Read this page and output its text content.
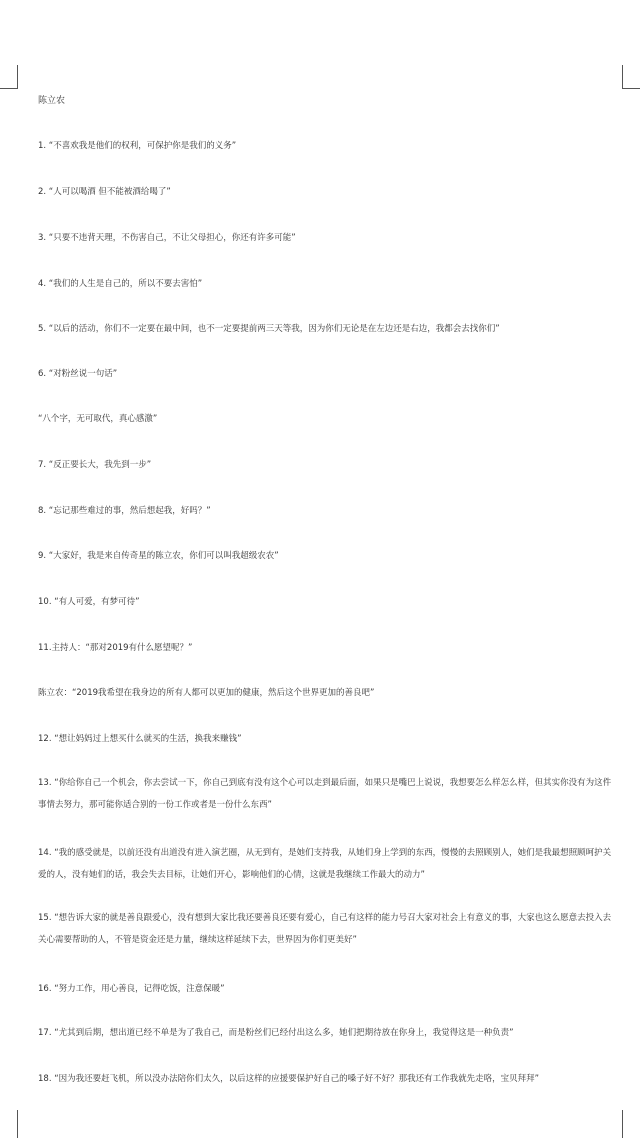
陈立农

1. “不喜欢我是他们的权利，可保护你是我们的义务”

2. “人可以喝酒 但不能被酒给喝了”

3. “只要不违背天理，不伤害自己，不让父母担心，你还有许多可能”

4. “我们的人生是自己的，所以不要去害怕”

5. “以后的活动，你们不一定要在最中间，也不一定要提前两三天等我，因为你们无论是在左边还是右边，我都会去找你们”

6. “对粉丝说一句话”

“八个字，无可取代，真心感激”

7. “反正要长大，我先到一步”

8. “忘记那些难过的事，然后想起我，好吗？”

9. “大家好，我是来自传奇星的陈立农，你们可以叫我超级农农”

10. “有人可爱，有梦可待”

11.主持人：“那对2019有什么愿望呢？”

陈立农：“2019我希望在我身边的所有人都可以更加的健康，然后这个世界更加的善良吧”

12. “想让妈妈过上想买什么就买的生活，换我来赚钱”

13. “你给你自己一个机会，你去尝试一下，你自己到底有没有这个心可以走到最后面，如果只是嘴巴上说说，我想要怎么样怎么样，但其实你没有为这件事情去努力，那可能你适合别的一份工作或者是一份什么东西”

14. “我的感受就是，以前还没有出道没有进入演艺圈，从无到有，是她们支持我，从她们身上学到的东西，慢慢的去照顾别人，她们是我最想照顾呵护关爱的人，没有她们的话，我会失去目标，让她们开心，影响他们的心情，这就是我继续工作最大的动力”

15. “想告诉大家的就是善良跟爱心，没有想到大家比我还要善良还要有爱心，自己有这样的能力号召大家对社会上有意义的事，大家也这么愿意去投入去关心需要帮助的人，不管是资金还是力量，继续这样延续下去，世界因为你们更美好”

16. “努力工作，用心善良，记得吃饭，注意保暖”

17. “尤其到后期，想出道已经不单是为了我自己，而是粉丝们已经付出这么多，她们把期待放在你身上，我觉得这是一种负责”

18. “因为我还要赶飞机，所以没办法陪你们太久，以后这样的应援要保护好自己的嗓子好不好？那我还有工作我就先走咯，宝贝拜拜”
